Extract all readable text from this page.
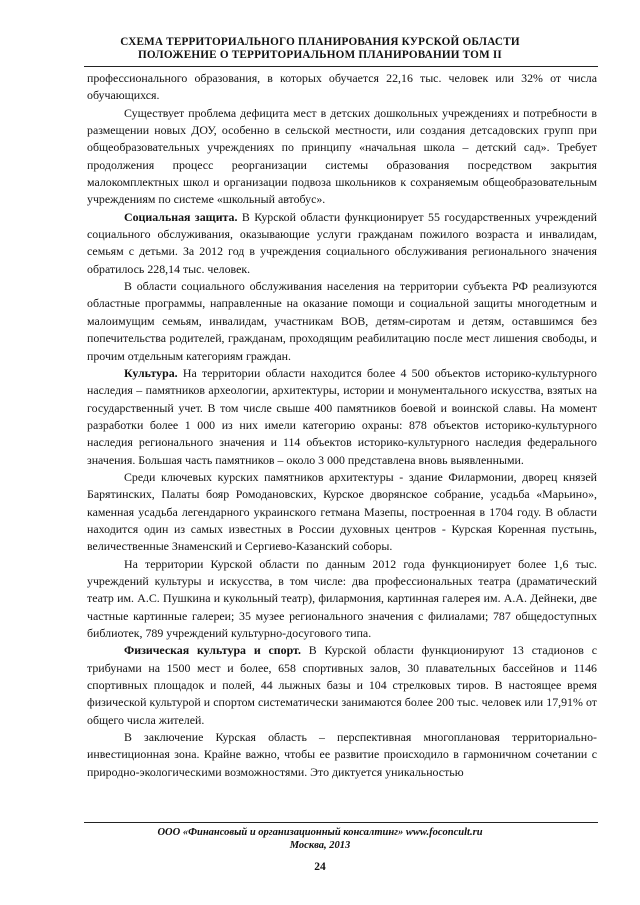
СХЕМА ТЕРРИТОРИАЛЬНОГО ПЛАНИРОВАНИЯ КУРСКОЙ ОБЛАСТИ
ПОЛОЖЕНИЕ О ТЕРРИТОРИАЛЬНОМ ПЛАНИРОВАНИИ ТОМ II

профессионального образования, в которых обучается 22,16 тыс. человек или 32% от числа обучающихся.

Существует проблема дефицита мест в детских дошкольных учреждениях и потребности в размещении новых ДОУ, особенно в сельской местности, или создания детсадовских групп при общеобразовательных учреждениях по принципу «начальная школа – детский сад». Требует продолжения процесс реорганизации системы образования посредством закрытия малокомплектных школ и организации подвоза школьников к сохраняемым общеобразовательным учреждениям по системе «школьный автобус».

Социальная защита. В Курской области функционирует 55 государственных учреждений социального обслуживания, оказывающие услуги гражданам пожилого возраста и инвалидам, семьям с детьми. За 2012 год в учреждения социального обслуживания регионального значения обратилось 228,14 тыс. человек.

В области социального обслуживания населения на территории субъекта РФ реализуются областные программы, направленные на оказание помощи и социальной защиты многодетным и малоимущим семьям, инвалидам, участникам ВОВ, детям-сиротам и детям, оставшимся без попечительства родителей, гражданам, проходящим реабилитацию после мест лишения свободы, и прочим отдельным категориям граждан.

Культура. На территории области находится более 4 500 объектов историко-культурного наследия – памятников археологии, архитектуры, истории и монументального искусства, взятых на государственный учет. В том числе свыше 400 памятников боевой и воинской славы. На момент разработки более 1 000 из них имели категорию охраны: 878 объектов историко-культурного наследия регионального значения и 114 объектов историко-культурного наследия федерального значения. Большая часть памятников – около 3 000 представлена вновь выявленными.

Среди ключевых курских памятников архитектуры - здание Филармонии, дворец князей Барятинских, Палаты бояр Ромодановских, Курское дворянское собрание, усадьба «Марьино», каменная усадьба легендарного украинского гетмана Мазепы, построенная в 1704 году. В области находится один из самых известных в России духовных центров - Курская Коренная пустынь, величественные Знаменский и Сергиево-Казанский соборы.

На территории Курской области по данным 2012 года функционирует более 1,6 тыс. учреждений культуры и искусства, в том числе: два профессиональных театра (драматический театр им. А.С. Пушкина и кукольный театр), филармония, картинная галерея им. А.А. Дейнеки, две частные картинные галереи; 35 музее регионального значения с филиалами; 787 общедоступных библиотек, 789 учреждений культурно-досугового типа.

Физическая культура и спорт. В Курской области функционируют 13 стадионов с трибунами на 1500 мест и более, 658 спортивных залов, 30 плавательных бассейнов и 1146 спортивных площадок и полей, 44 лыжных базы и 104 стрелковых тиров. В настоящее время физической культурой и спортом систематически занимаются более 200 тыс. человек или 17,91% от общего числа жителей.

В заключение Курская область – перспективная многоплановая территориально-инвестиционная зона. Крайне важно, чтобы ее развитие происходило в гармоничном сочетании с природно-экологическими возможностями. Это диктуется уникальностью

ООО «Финансовый и организационный консалтинг» www.foconcult.ru
Москва, 2013
24
